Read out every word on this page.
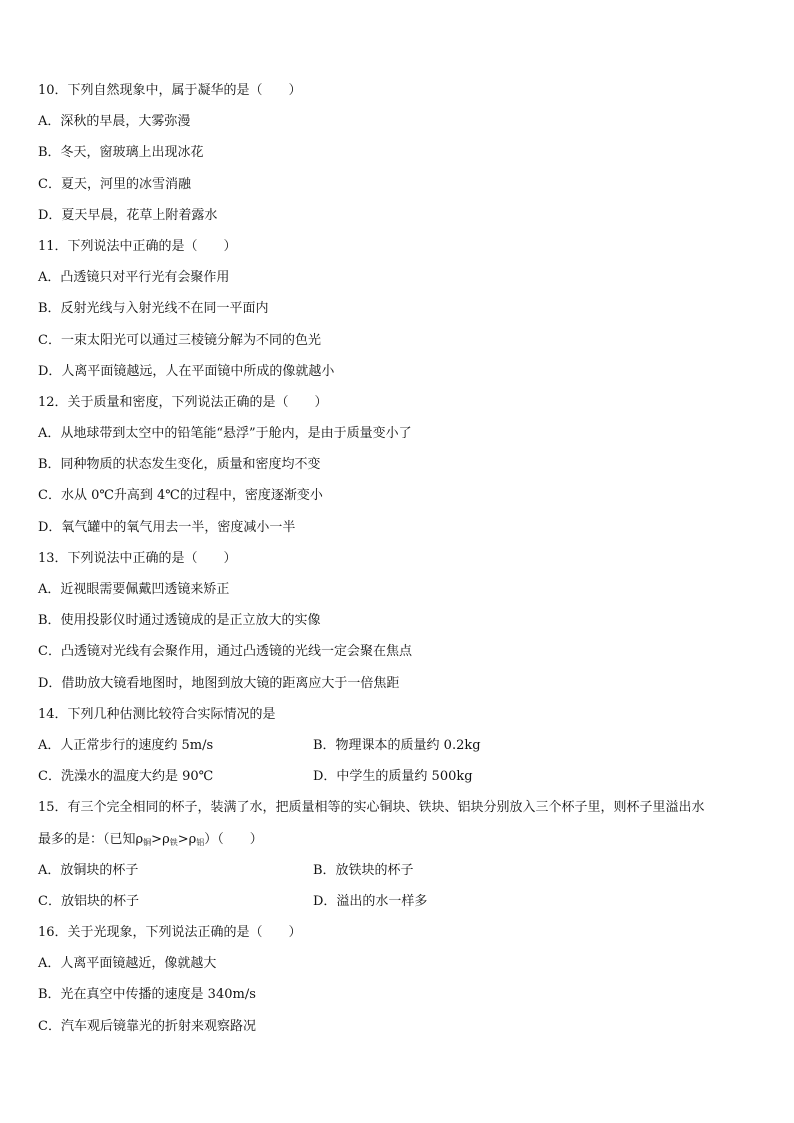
10．下列自然现象中，属于凝华的是（　　）
A．深秋的早晨，大雾弥漫
B．冬天，窗玻璃上出现冰花
C．夏天，河里的冰雪消融
D．夏天早晨，花草上附着露水
11．下列说法中正确的是（　　）
A．凸透镜只对平行光有会聚作用
B．反射光线与入射光线不在同一平面内
C．一束太阳光可以通过三棱镜分解为不同的色光
D．人离平面镜越远，人在平面镜中所成的像就越小
12．关于质量和密度，下列说法正确的是（　　）
A．从地球带到太空中的铅笔能“悬浮”于舱内，是由于质量变小了
B．同种物质的状态发生变化，质量和密度均不变
C．水从 0℃升高到 4℃的过程中，密度逐渐变小
D．氧气罐中的氧气用去一半，密度减小一半
13．下列说法中正确的是（　　）
A．近视眼需要佩戴凹透镜来矫正
B．使用投影仪时通过透镜成的是正立放大的实像
C．凸透镜对光线有会聚作用，通过凸透镜的光线一定会聚在焦点
D．借助放大镜看地图时，地图到放大镜的距离应大于一倍焦距
14．下列几种估测比较符合实际情况的是
A．人正常步行的速度约 5m/s	B．物理课本的质量约 0.2kg
C．洗澡水的温度大约是 90℃	D．中学生的质量约 500kg
15．有三个完全相同的杯子，装满了水，把质量相等的实心铜块、铁块、铝块分别放入三个杯子里，则杯子里溢出水
最多的是：（已知$\rho_铜>\rho_铁>\rho_铝$）（　　）
A．放铜块的杯子	B．放铁块的杯子
C．放铝块的杯子	D．溢出的水一样多
16．关于光现象，下列说法正确的是（　　）
A．人离平面镜越近，像就越大
B．光在真空中传播的速度是 340m/s
C．汽车观后镜靠光的折射来观察路况
